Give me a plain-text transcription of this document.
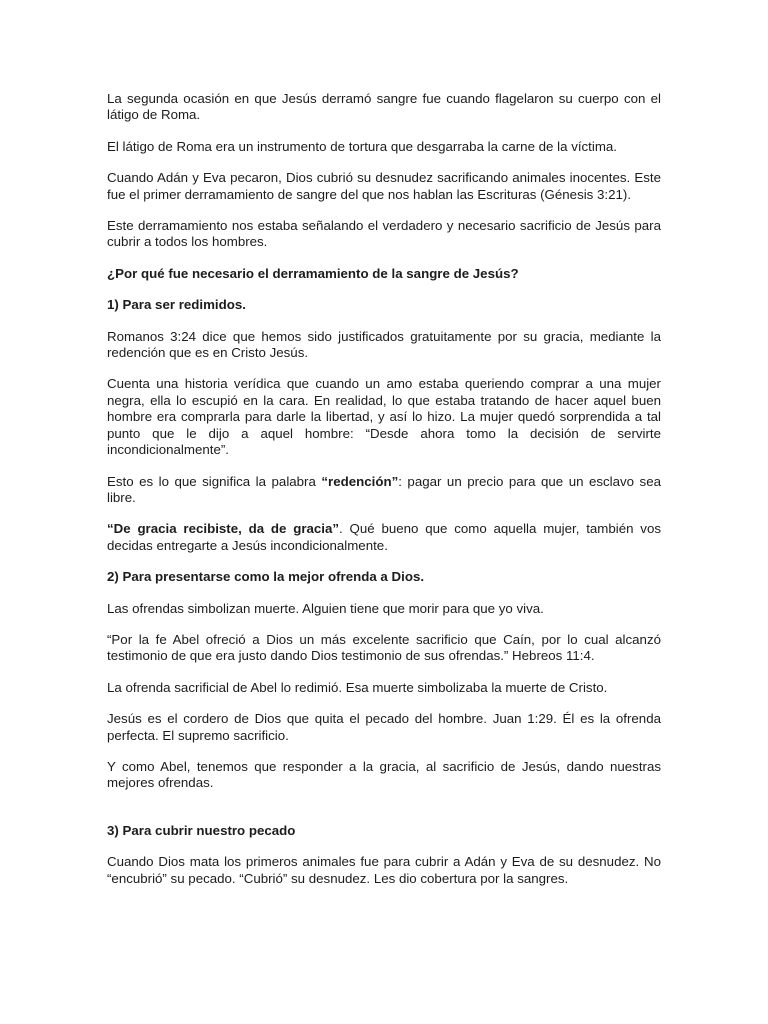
La segunda ocasión en que Jesús derramó sangre fue cuando flagelaron su cuerpo con el látigo de Roma.

El látigo de Roma era un instrumento de tortura que desgarraba la carne de la víctima.

Cuando Adán y Eva pecaron, Dios cubrió su desnudez sacrificando animales inocentes. Este fue el primer derramamiento de sangre del que nos hablan las Escrituras (Génesis 3:21).

Este derramamiento nos estaba señalando el verdadero y necesario sacrificio de Jesús para cubrir a todos los hombres.

¿Por qué fue necesario el derramamiento de la sangre de Jesús?

1) Para ser redimidos.

Romanos 3:24 dice que hemos sido justificados gratuitamente por su gracia, mediante la redención que es en Cristo Jesús.

Cuenta una historia verídica que cuando un amo estaba queriendo comprar a una mujer negra, ella lo escupió en la cara. En realidad, lo que estaba tratando de hacer aquel buen hombre era comprarla para darle la libertad, y así lo hizo. La mujer quedó sorprendida a tal punto que le dijo a aquel hombre: “Desde ahora tomo la decisión de servirte incondicionalmente”.

Esto es lo que significa la palabra “redención”: pagar un precio para que un esclavo sea libre.

“De gracia recibiste, da de gracia”. Qué bueno que como aquella mujer, también vos decidas entregarte a Jesús incondicionalmente.

2) Para presentarse como la mejor ofrenda a Dios.

Las ofrendas simbolizan muerte. Alguien tiene que morir para que yo viva.

“Por la fe Abel ofreció a Dios un más excelente sacrificio que Caín, por lo cual alcanzó testimonio de que era justo dando Dios testimonio de sus ofrendas.” Hebreos 11:4.

La ofrenda sacrificial de Abel lo redimió. Esa muerte simbolizaba la muerte de Cristo.

Jesús es el cordero de Dios que quita el pecado del hombre. Juan 1:29. Él es la ofrenda perfecta. El supremo sacrificio.

Y como Abel, tenemos que responder a la gracia, al sacrificio de Jesús, dando nuestras mejores ofrendas.

3) Para cubrir nuestro pecado

Cuando Dios mata los primeros animales fue para cubrir a Adán y Eva de su desnudez. No “encubrió” su pecado. “Cubrió” su desnudez. Les dio cobertura por la sangres.
